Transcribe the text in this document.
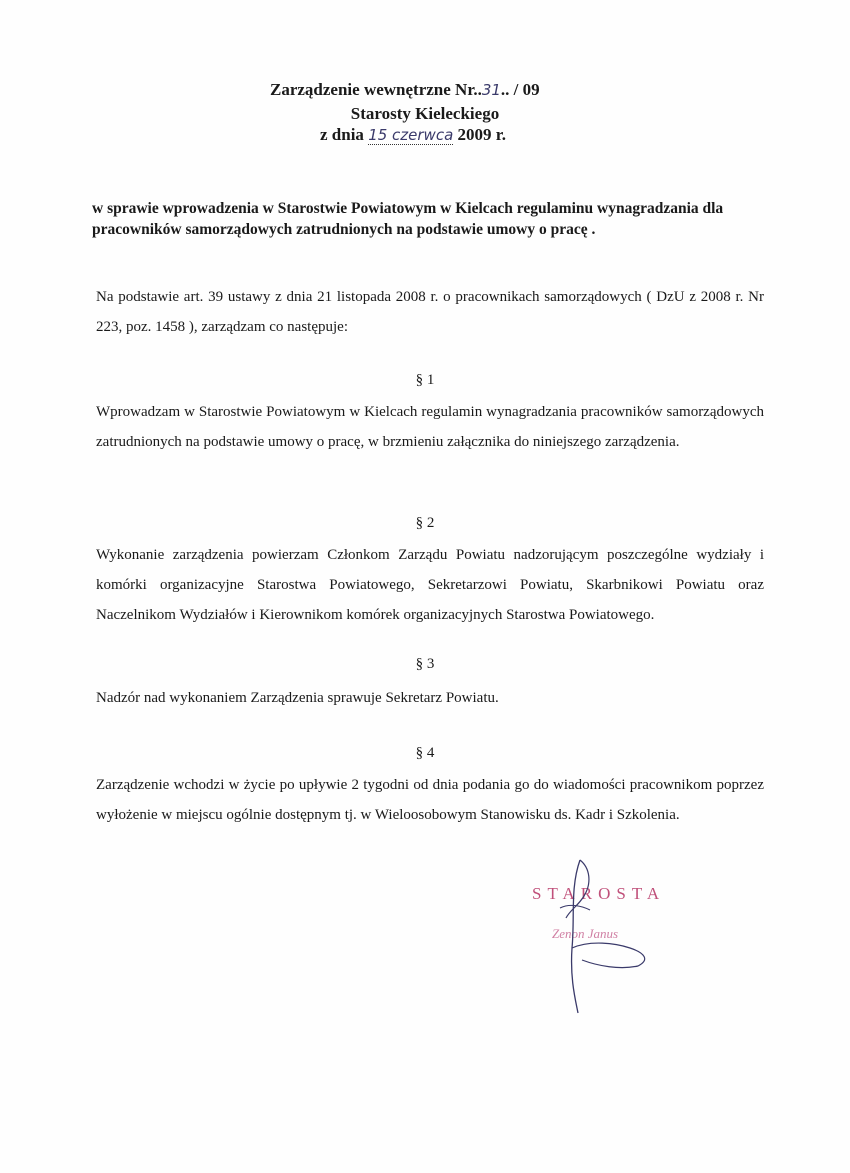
Zarządzenie wewnętrzne Nr..31.. / 09
Starosty Kieleckiego
z dnia 15 czerwca 2009 r.
w sprawie wprowadzenia w Starostwie Powiatowym w Kielcach regulaminu wynagradzania dla pracowników samorządowych zatrudnionych na podstawie umowy o pracę .
Na podstawie art. 39 ustawy z dnia 21 listopada 2008 r. o pracownikach samorządowych ( DzU z 2008 r. Nr 223, poz. 1458 ), zarządzam co następuje:
§ 1
Wprowadzam w Starostwie Powiatowym w Kielcach regulamin wynagradzania pracowników samorządowych zatrudnionych na podstawie umowy o pracę, w brzmieniu załącznika do niniejszego zarządzenia.
§ 2
Wykonanie zarządzenia powierzam Członkom Zarządu Powiatu nadzorującym poszczególne wydziały i komórki organizacyjne Starostwa Powiatowego, Sekretarzowi Powiatu, Skarbnikowi Powiatu oraz Naczelnikom Wydziałów i Kierownikom komórek organizacyjnych Starostwa Powiatowego.
§ 3
Nadzór nad wykonaniem Zarządzenia sprawuje Sekretarz Powiatu.
§ 4
Zarządzenie wchodzi w życie po upływie 2 tygodni od dnia podania go do wiadomości pracownikom poprzez wyłożenie w miejscu ogólnie dostępnym tj. w Wieloosobowym Stanowisku ds. Kadr i Szkolenia.
STAROSTA
Zenon Janus
